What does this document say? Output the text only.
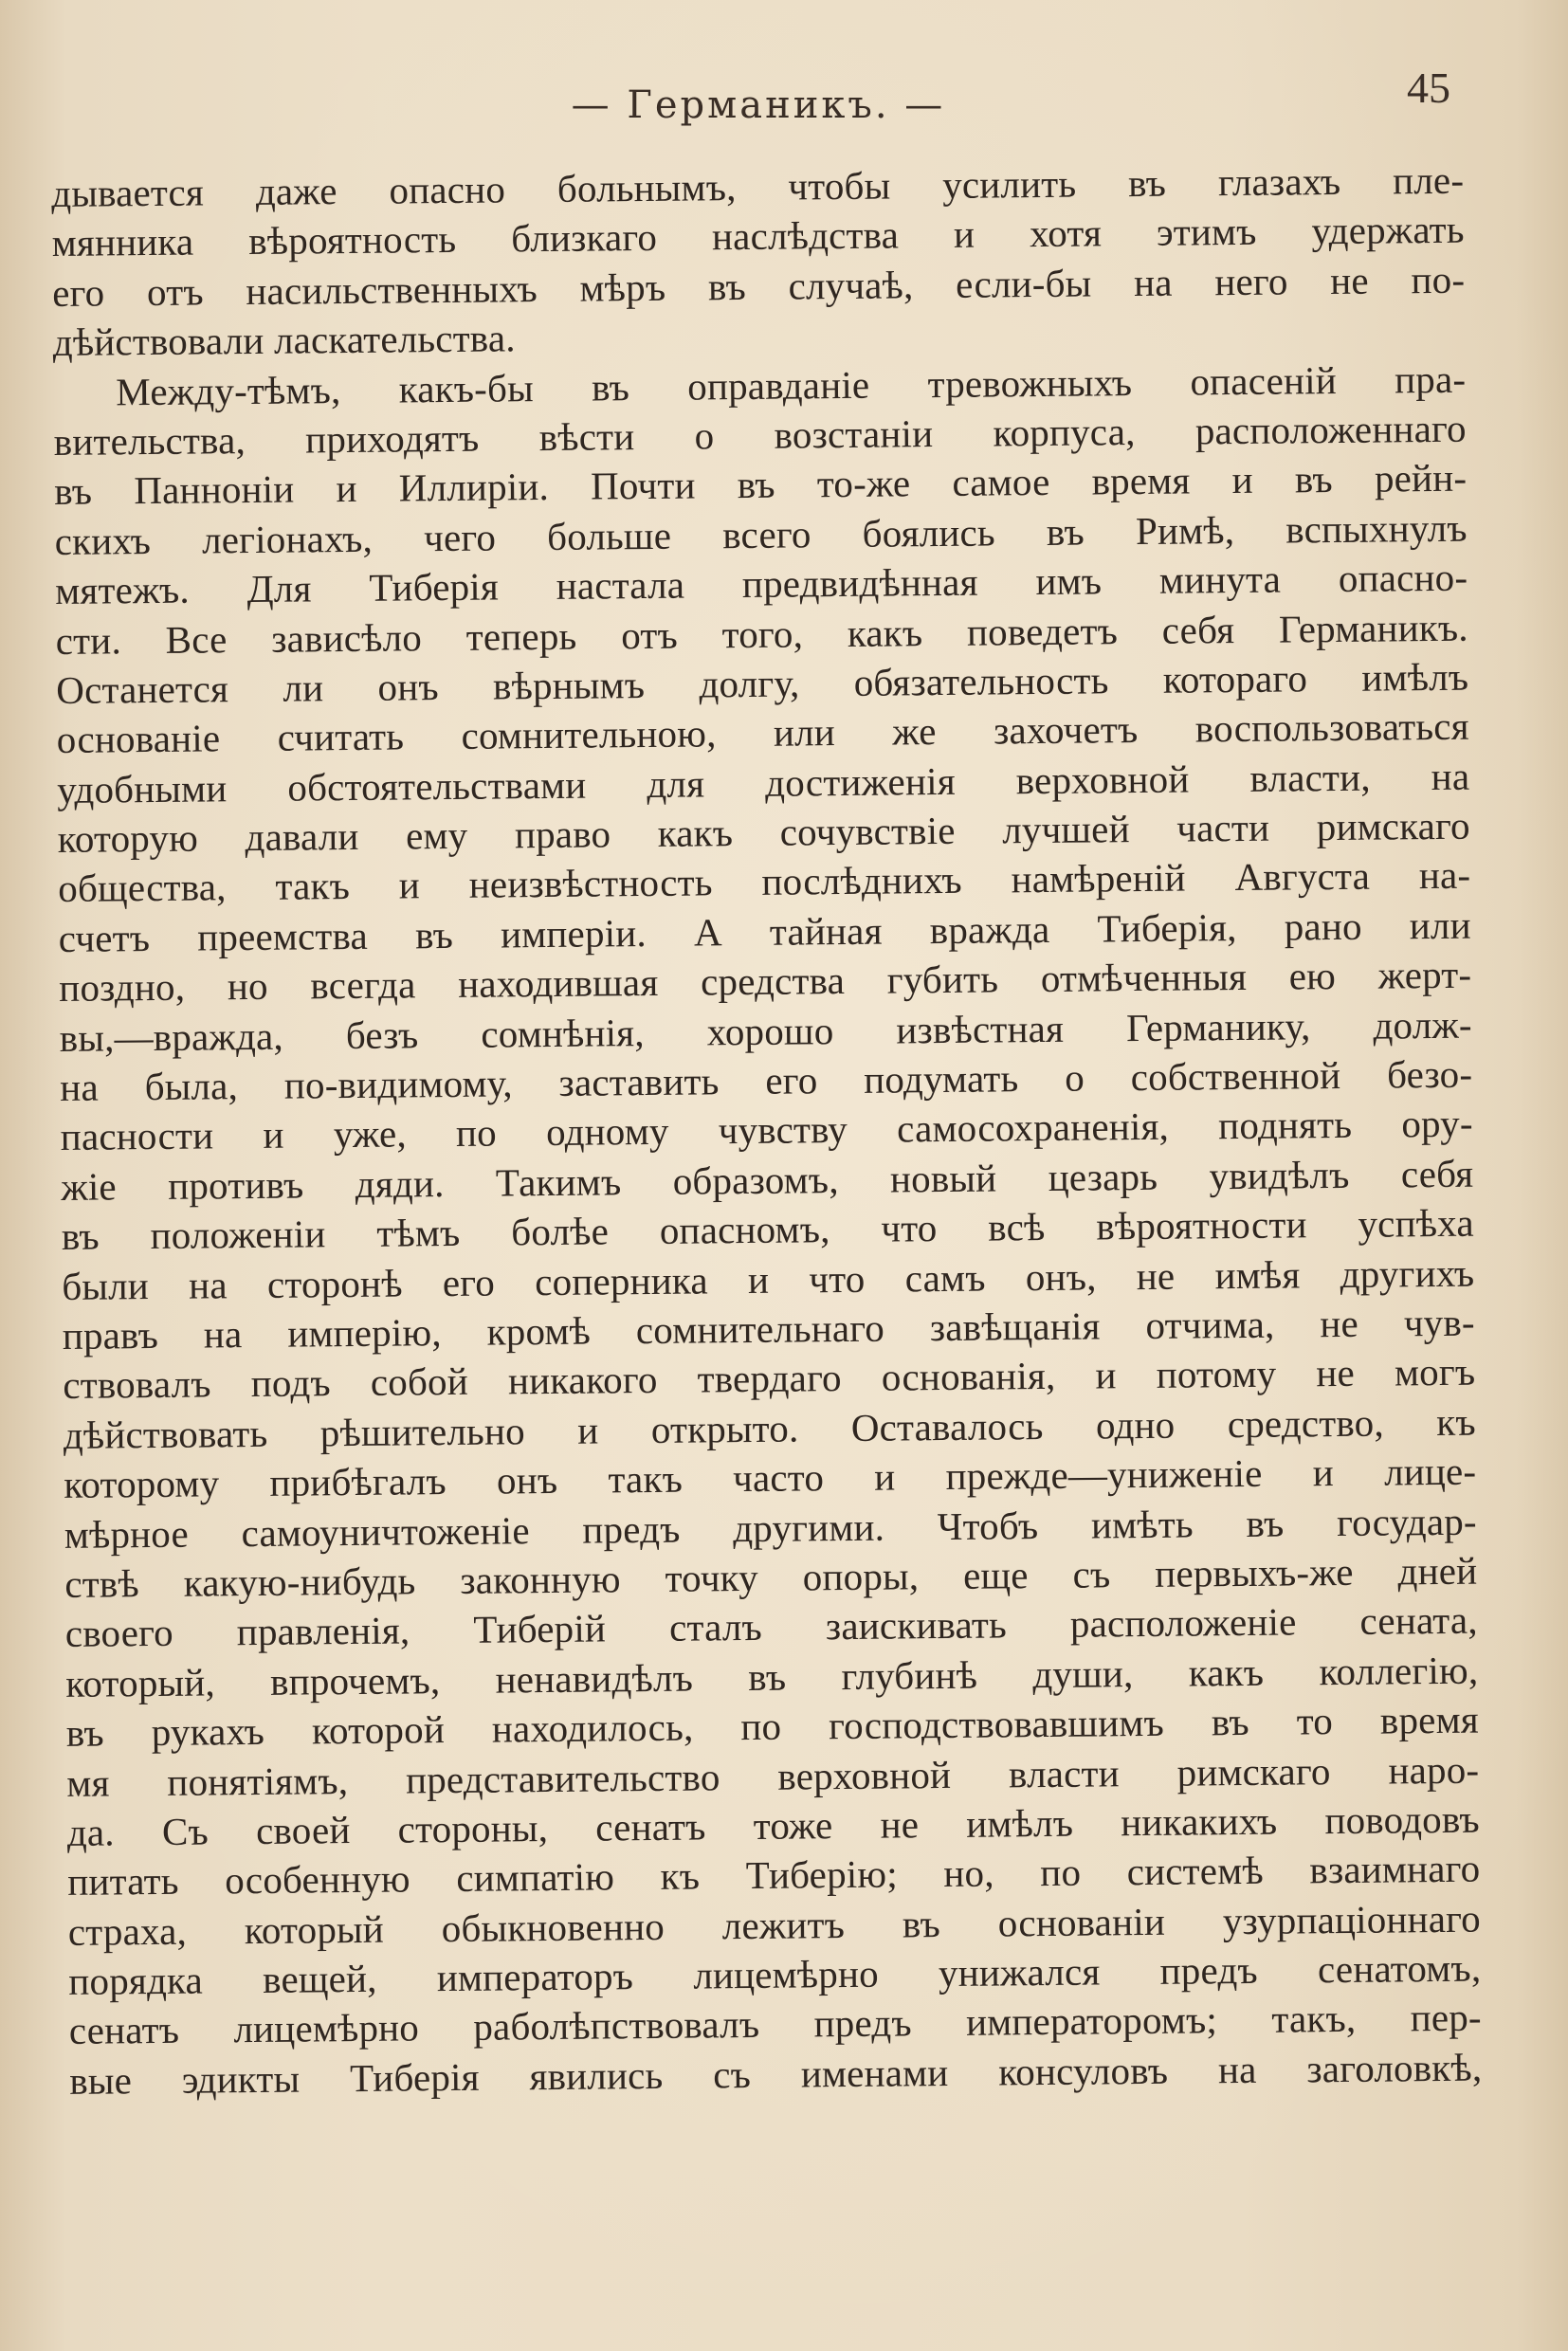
— Германикъ. —	45
дывается даже опасно больнымъ, чтобы усилить въ глазахъ пле-
мянника вѣроятность близкаго наслѣдства и хотя этимъ удержать
его отъ насильственныхъ мѣръ въ случаѣ, если-бы на него не по-
дѣйствовали ласкательства.
Между-тѣмъ, какъ-бы въ оправданіе тревожныхъ опасеній пра-
вительства, приходятъ вѣсти о возстаніи корпуса, расположеннаго
въ Паннонiи и Иллиріи. Почти въ то-же самое время и въ рейн-
скихъ легіонахъ, чего больше всего боялись въ Римѣ, вспыхнулъ
мятежъ. Для Тиберія настала предвидѣнная имъ минута опасно-
сти. Все зависѣло теперь отъ того, какъ поведетъ себя Германикъ.
Останется ли онъ вѣрнымъ долгу, обязательность котораго имѣлъ
основаніе считать сомнительною, или же захочетъ воспользоваться
удобными обстоятельствами для достиженія верховной власти, на
которую давали ему право какъ сочувствіе лучшей части римскаго
общества, такъ и неизвѣстность послѣднихъ намѣреній Августа на-
счетъ преемства въ имперіи. А тайная вражда Тиберія, рано или
поздно, но всегда находившая средства губить отмѣченныя ею жерт-
вы,—вражда, безъ сомнѣнія, хорошо извѣстная Германику, долж-
на была, по-видимому, заставить его подумать о собственной безо-
пасности и уже, по одному чувству самосохраненія, поднять ору-
жіе противъ дяди. Такимъ образомъ, новый цезарь увидѣлъ себя
въ положеніи тѣмъ болѣе опасномъ, что всѣ вѣроятности успѣха
были на сторонѣ его соперника и что самъ онъ, не имѣя другихъ
правъ на имперію, кромѣ сомнительнаго завѣщанія отчима, не чув-
ствовалъ подъ собой никакого твердаго основанія, и потому не могъ
дѣйствовать рѣшительно и открыто. Оставалось одно средство, къ
которому прибѣгалъ онъ такъ часто и прежде—униженіе и лице-
мѣрное самоуничтоженіе предъ другими. Чтобъ имѣть въ государ-
ствѣ какую-нибудь законную точку опоры, еще съ первыхъ-же дней
своего правленія, Тиберій сталъ заискивать расположеніе сената,
который, впрочемъ, ненавидѣлъ въ глубинѣ души, какъ коллегію,
въ рукахъ которой находилось, по господствовавшимъ въ то время
мя понятіямъ, представительство верховной власти римскаго наро-
да. Съ своей стороны, сенатъ тоже не имѣлъ никакихъ поводовъ
питать особенную симпатію къ Тиберію; но, по системѣ взаимнаго
страха, который обыкновенно лежитъ въ основаніи узурпаціоннаго
порядка вещей, императоръ лицемѣрно унижался предъ сенатомъ,
сенатъ лицемѣрно раболѣпствовалъ предъ императоромъ; такъ, пер-
вые эдикты Тиберія явились съ именами консуловъ на заголовкѣ,
